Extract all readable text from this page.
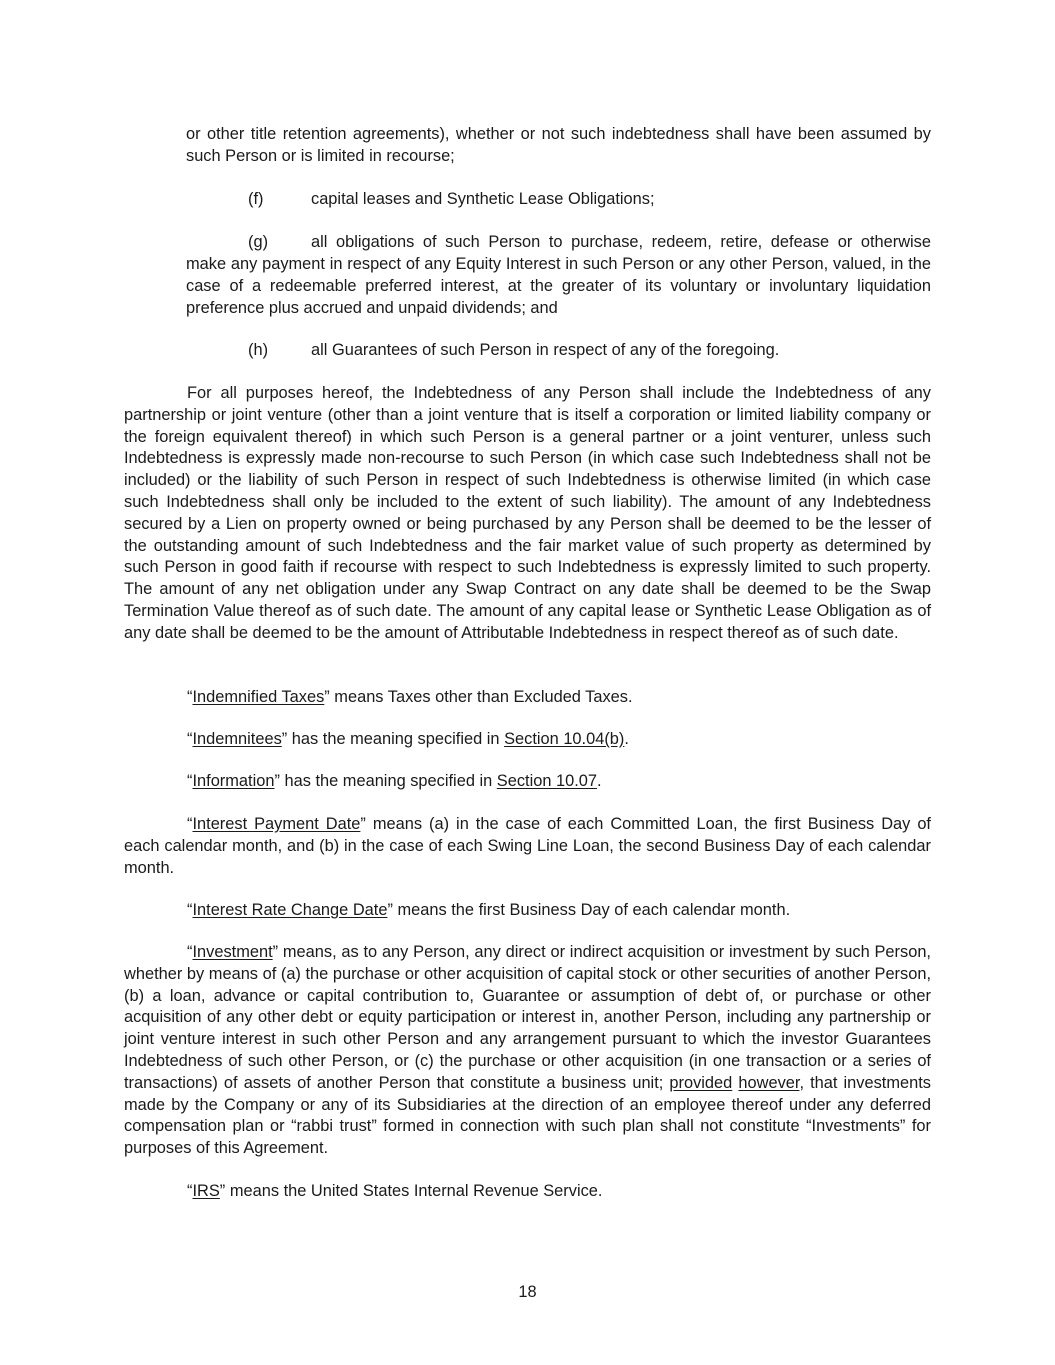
or other title retention agreements), whether or not such indebtedness shall have been assumed by such Person or is limited in recourse;

(f)	capital leases and Synthetic Lease Obligations;
(g)	all obligations of such Person to purchase, redeem, retire, defease or otherwise

make any payment in respect of any Equity Interest in such Person or any other Person, valued, in the case of a redeemable preferred interest, at the greater of its voluntary or involuntary liquidation preference plus accrued and unpaid dividends; and

(h)	all Guarantees of such Person in respect of any of the foregoing.

For all purposes hereof, the Indebtedness of any Person shall include the Indebtedness of any partnership or joint venture (other than a joint venture that is itself a corporation or limited liability company or the foreign equivalent thereof) in which such Person is a general partner or a joint venturer, unless such Indebtedness is expressly made non-recourse to such Person (in which case such Indebtedness shall not be included) or the liability of such Person in respect of such Indebtedness is otherwise limited (in which case such Indebtedness shall only be included to the extent of such liability). The amount of any Indebtedness secured by a Lien on property owned or being purchased by any Person shall be deemed to be the lesser of the outstanding amount of such Indebtedness and the fair market value of such property as determined by such Person in good faith if recourse with respect to such Indebtedness is expressly limited to such property. The amount of any net obligation under any Swap Contract on any date shall be deemed to be the Swap Termination Value thereof as of such date. The amount of any capital lease or Synthetic Lease Obligation as of any date shall be deemed to be the amount of Attributable Indebtedness in respect thereof as of such date.

“Indemnified Taxes” means Taxes other than Excluded Taxes.

“Indemnitees” has the meaning specified in Section 10.04(b).

“Information” has the meaning specified in Section 10.07.

“Interest Payment Date” means (a) in the case of each Committed Loan, the first Business Day of each calendar month, and (b) in the case of each Swing Line Loan, the second Business Day of each calendar month.

“Interest Rate Change Date” means the first Business Day of each calendar month.

“Investment” means, as to any Person, any direct or indirect acquisition or investment by such Person, whether by means of (a) the purchase or other acquisition of capital stock or other securities of another Person, (b) a loan, advance or capital contribution to, Guarantee or assumption of debt of, or purchase or other acquisition of any other debt or equity participation or interest in, another Person, including any partnership or joint venture interest in such other Person and any arrangement pursuant to which the investor Guarantees Indebtedness of such other Person, or (c) the purchase or other acquisition (in one transaction or a series of transactions) of assets of another Person that constitute a business unit; provided however, that investments made by the Company or any of its Subsidiaries at the direction of an employee thereof under any deferred compensation plan or “rabbi trust” formed in connection with such plan shall not constitute “Investments” for purposes of this Agreement.

“IRS” means the United States Internal Revenue Service.

18
